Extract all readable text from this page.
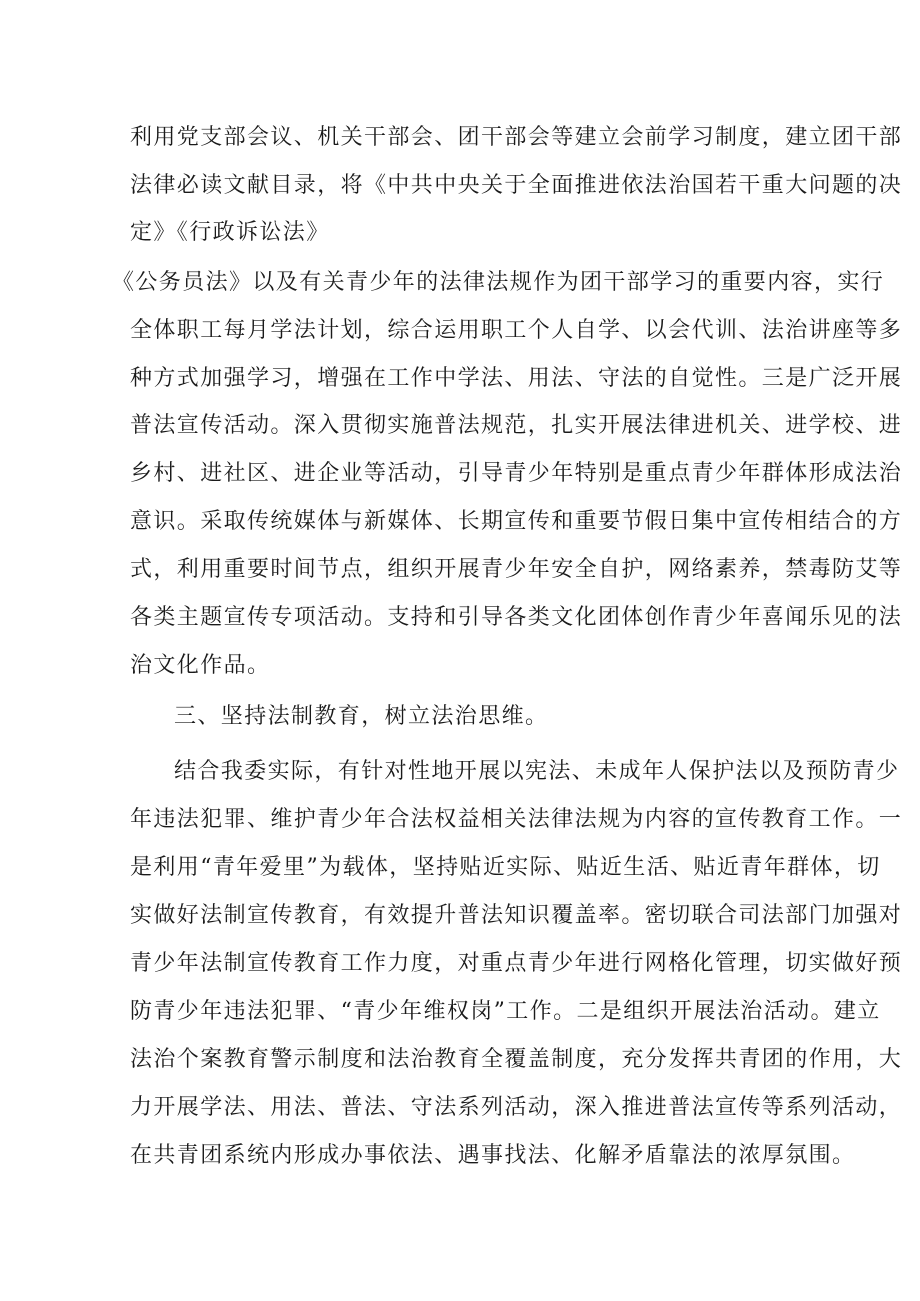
利用党支部会议、机关干部会、团干部会等建立会前学习制度，建立团干部
法律必读文献目录，将《中共中央关于全面推进依法治国若干重大问题的决
定》《行政诉讼法》
《公务员法》以及有关青少年的法律法规作为团干部学习的重要内容，实行
全体职工每月学法计划，综合运用职工个人自学、以会代训、法治讲座等多
种方式加强学习，增强在工作中学法、用法、守法的自觉性。三是广泛开展
普法宣传活动。深入贯彻实施普法规范，扎实开展法律进机关、进学校、进
乡村、进社区、进企业等活动，引导青少年特别是重点青少年群体形成法治
意识。采取传统媒体与新媒体、长期宣传和重要节假日集中宣传相结合的方
式，利用重要时间节点，组织开展青少年安全自护，网络素养，禁毒防艾等
各类主题宣传专项活动。支持和引导各类文化团体创作青少年喜闻乐见的法
治文化作品。
三、坚持法制教育，树立法治思维。
结合我委实际，有针对性地开展以宪法、未成年人保护法以及预防青少
年违法犯罪、维护青少年合法权益相关法律法规为内容的宣传教育工作。一
是利用“青年爱里”为载体，坚持贴近实际、贴近生活、贴近青年群体，切
实做好法制宣传教育，有效提升普法知识覆盖率。密切联合司法部门加强对
青少年法制宣传教育工作力度，对重点青少年进行网格化管理，切实做好预
防青少年违法犯罪、“青少年维权岗”工作。二是组织开展法治活动。建立
法治个案教育警示制度和法治教育全覆盖制度，充分发挥共青团的作用，大
力开展学法、用法、普法、守法系列活动，深入推进普法宣传等系列活动，
在共青团系统内形成办事依法、遇事找法、化解矛盾靠法的浓厚氛围。
